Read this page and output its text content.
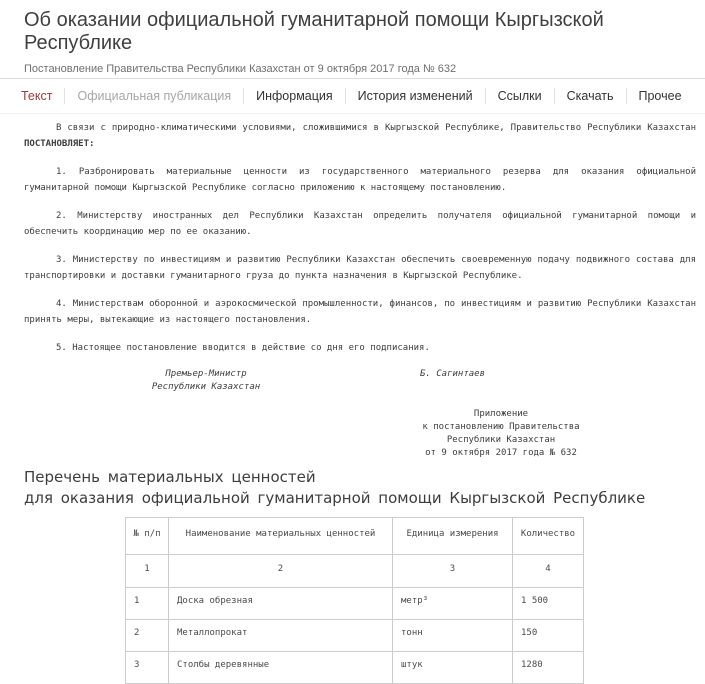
Об оказании официальной гуманитарной помощи Кыргызской Республике
Постановление Правительства Республики Казахстан от 9 октября 2017 года № 632
Текст	Официальная публикация	Информация	История изменений	Ссылки	Скачать	Прочее

В связи с природно-климатическими условиями, сложившимися в Кыргызской Республике, Правительство Республики Казахстан ПОСТАНОВЛЯЕТ:

1. Разбронировать материальные ценности из государственного материального резерва для оказания официальной гуманитарной помощи Кыргызской Республике согласно приложению к настоящему постановлению.

2. Министерству иностранных дел Республики Казахстан определить получателя официальной гуманитарной помощи и обеспечить координацию мер по ее оказанию.

3. Министерству по инвестициям и развитию Республики Казахстан обеспечить своевременную подачу подвижного состава для транспортировки и доставки гуманитарного груза до пункта назначения в Кыргызской Республике.

4. Министерствам оборонной и аэрокосмической промышленности, финансов, по инвестициям и развитию Республики Казахстан принять меры, вытекающие из настоящего постановления.

5. Настоящее постановление вводится в действие со дня его подписания.

Премьер-Министр
Республики Казахстан
Б. Сагинтаев
Приложение
к постановлению Правительства
Республики Казахстан
от 9 октября 2017 года № 632
Перечень материальных ценностей
для оказания официальной гуманитарной помощи Кыргызской Республике
№ п/п	Наименование материальных ценностей	Единица измерения	Количество
1	2	3	4
1	Доска обрезная	метр³	1 500
2	Металлопрокат	тонн	150
3	Столбы деревянные	штук	1280
